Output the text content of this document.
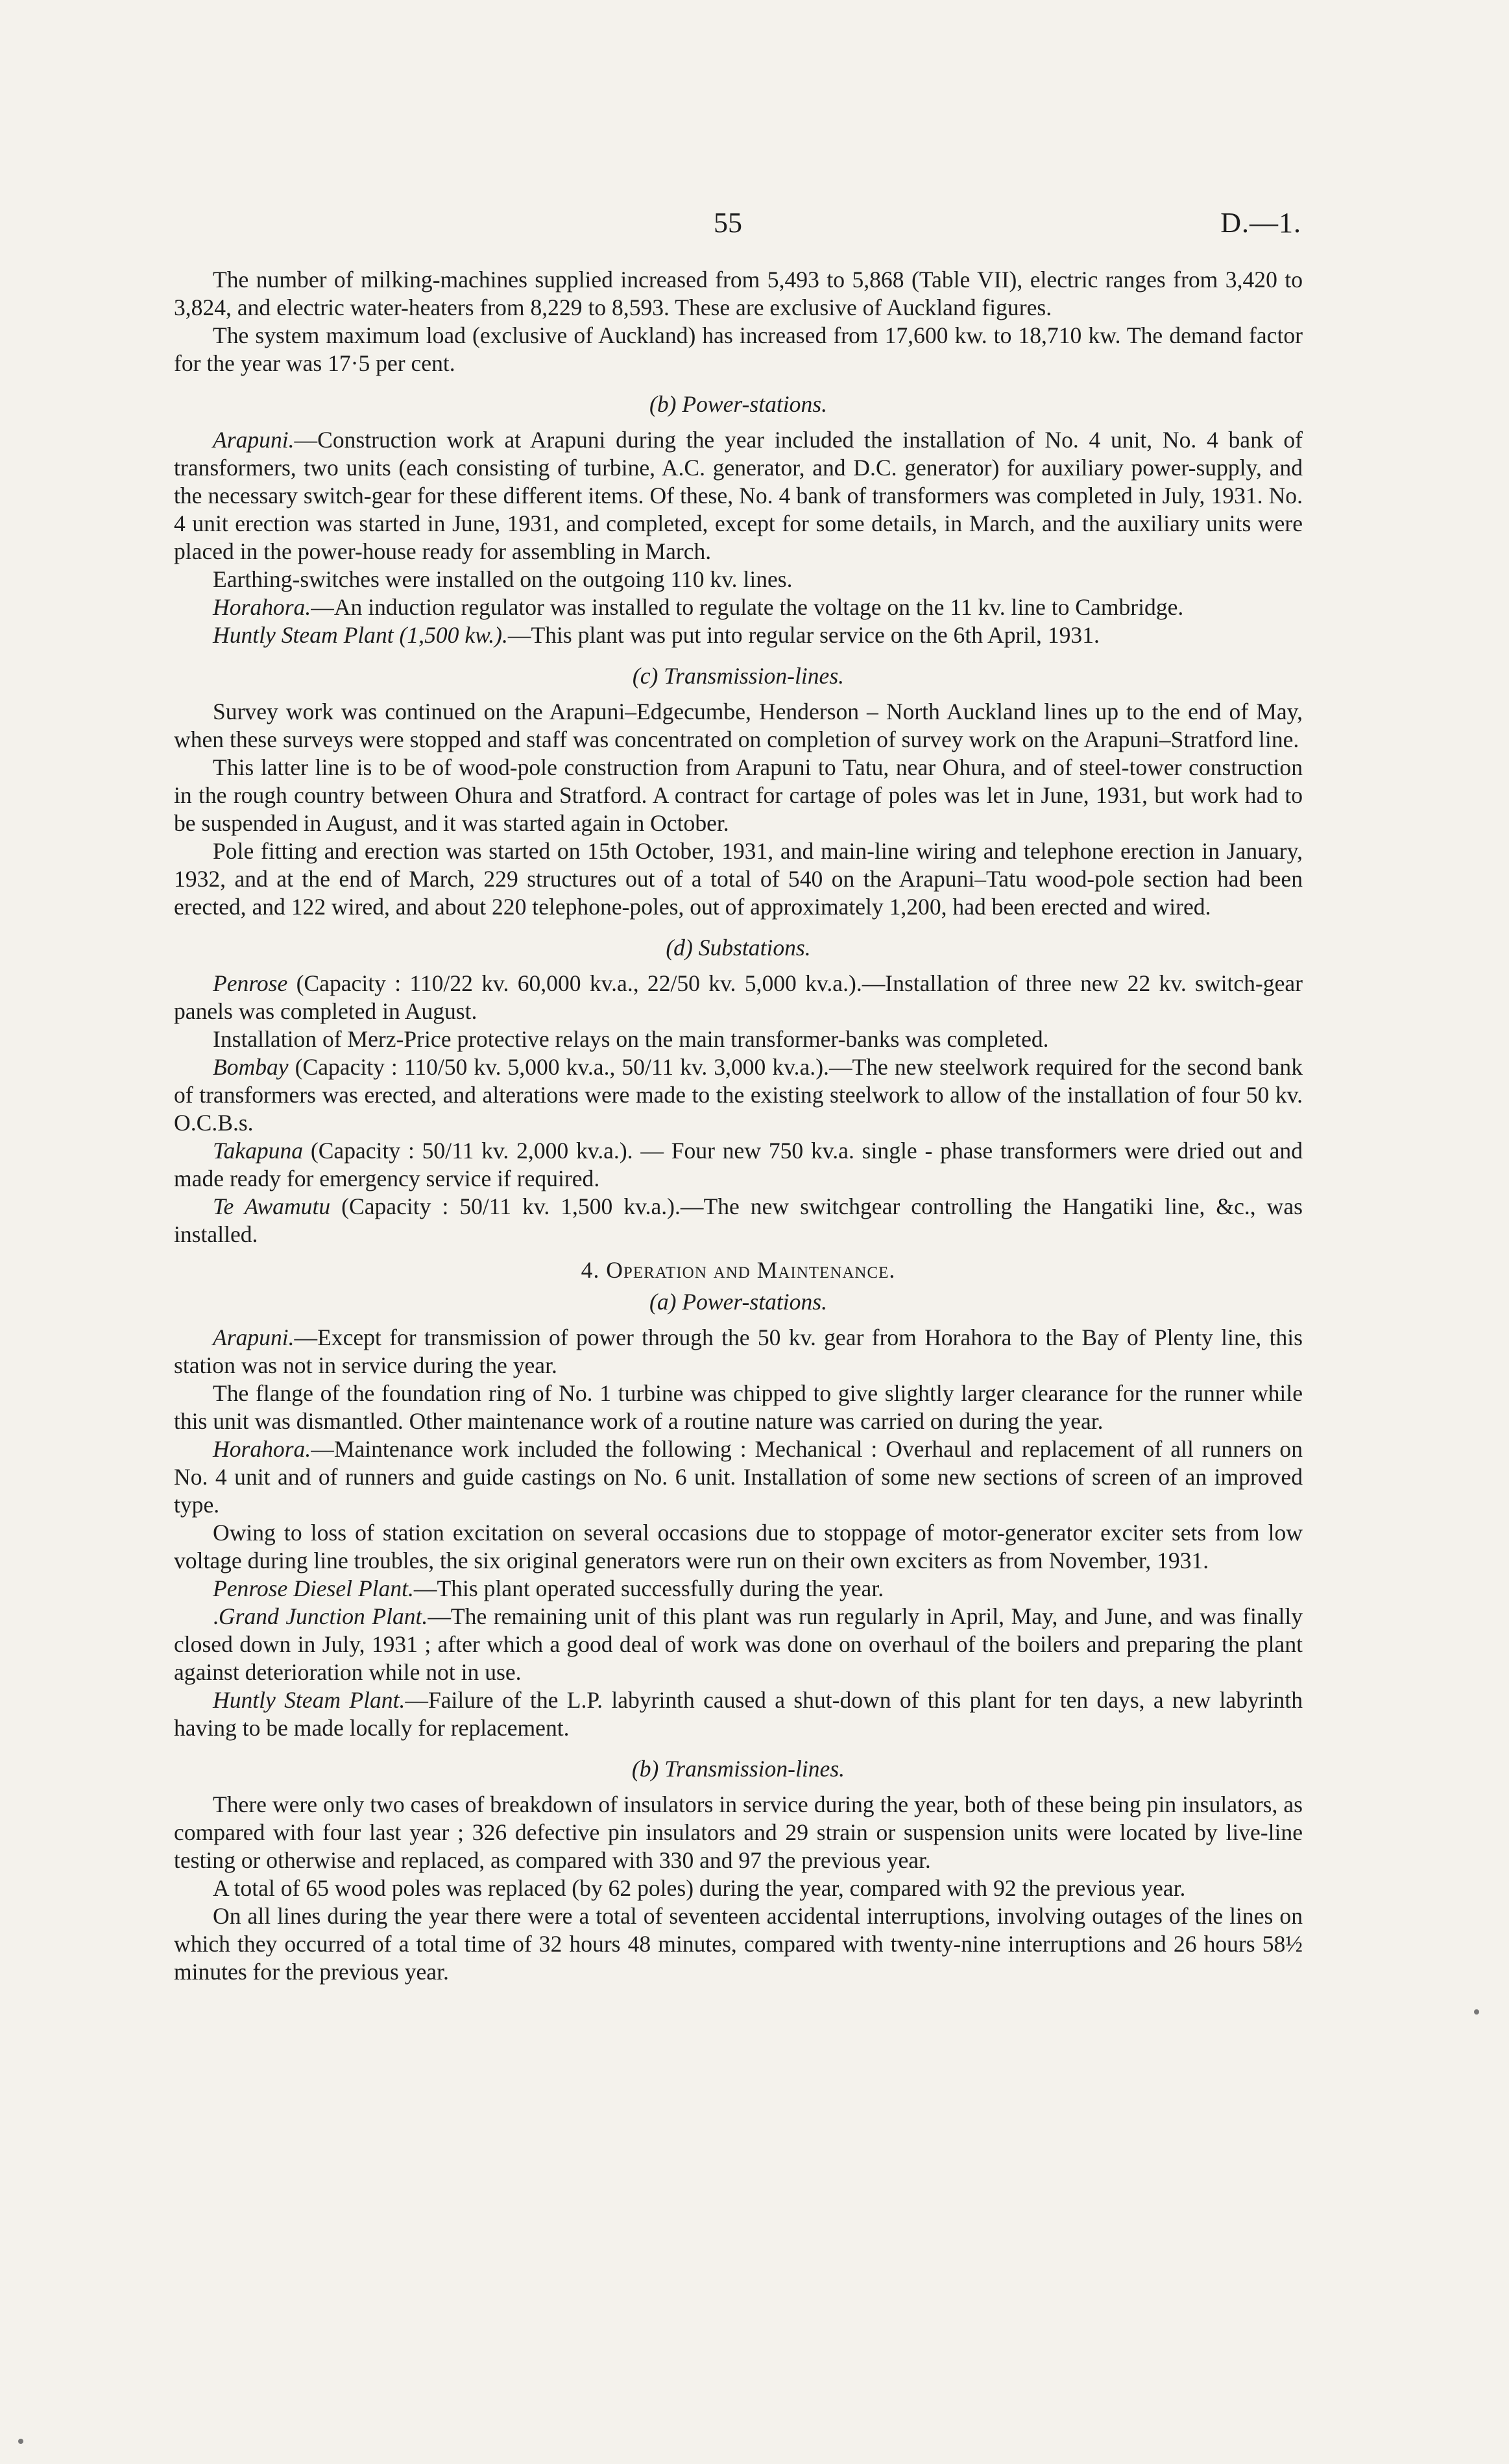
55	D.—1.

The number of milking-machines supplied increased from 5,493 to 5,868 (Table VII), electric ranges from 3,420 to 3,824, and electric water-heaters from 8,229 to 8,593. These are exclusive of Auckland figures.

The system maximum load (exclusive of Auckland) has increased from 17,600 kw. to 18,710 kw. The demand factor for the year was 17·5 per cent.

(b) Power-stations.

Arapuni.—Construction work at Arapuni during the year included the installation of No. 4 unit, No. 4 bank of transformers, two units (each consisting of turbine, A.C. generator, and D.C. generator) for auxiliary power-supply, and the necessary switch-gear for these different items. Of these, No. 4 bank of transformers was completed in July, 1931. No. 4 unit erection was started in June, 1931, and completed, except for some details, in March, and the auxiliary units were placed in the power-house ready for assembling in March.

Earthing-switches were installed on the outgoing 110 kv. lines.

Horahora.—An induction regulator was installed to regulate the voltage on the 11 kv. line to Cambridge.

Huntly Steam Plant (1,500 kw.).—This plant was put into regular service on the 6th April, 1931.

(c) Transmission-lines.

Survey work was continued on the Arapuni–Edgecumbe, Henderson – North Auckland lines up to the end of May, when these surveys were stopped and staff was concentrated on completion of survey work on the Arapuni–Stratford line.

This latter line is to be of wood-pole construction from Arapuni to Tatu, near Ohura, and of steel-tower construction in the rough country between Ohura and Stratford. A contract for cartage of poles was let in June, 1931, but work had to be suspended in August, and it was started again in October.

Pole fitting and erection was started on 15th October, 1931, and main-line wiring and telephone erection in January, 1932, and at the end of March, 229 structures out of a total of 540 on the Arapuni–Tatu wood-pole section had been erected, and 122 wired, and about 220 telephone-poles, out of approximately 1,200, had been erected and wired.

(d) Substations.

Penrose (Capacity : 110/22 kv. 60,000 kv.a., 22/50 kv. 5,000 kv.a.).—Installation of three new 22 kv. switch-gear panels was completed in August.

Installation of Merz-Price protective relays on the main transformer-banks was completed.

Bombay (Capacity : 110/50 kv. 5,000 kv.a., 50/11 kv. 3,000 kv.a.).—The new steelwork required for the second bank of transformers was erected, and alterations were made to the existing steelwork to allow of the installation of four 50 kv. O.C.B.s.

Takapuna (Capacity : 50/11 kv. 2,000 kv.a.). — Four new 750 kv.a. single - phase transformers were dried out and made ready for emergency service if required.

Te Awamutu (Capacity : 50/11 kv. 1,500 kv.a.).—The new switchgear controlling the Hangatiki line, &c., was installed.

4. Operation and Maintenance.
(a) Power-stations.

Arapuni.—Except for transmission of power through the 50 kv. gear from Horahora to the Bay of Plenty line, this station was not in service during the year.

The flange of the foundation ring of No. 1 turbine was chipped to give slightly larger clearance for the runner while this unit was dismantled. Other maintenance work of a routine nature was carried on during the year.

Horahora.—Maintenance work included the following : Mechanical : Overhaul and replacement of all runners on No. 4 unit and of runners and guide castings on No. 6 unit. Installation of some new sections of screen of an improved type.

Owing to loss of station excitation on several occasions due to stoppage of motor-generator exciter sets from low voltage during line troubles, the six original generators were run on their own exciters as from November, 1931.

Penrose Diesel Plant.—This plant operated successfully during the year.

.Grand Junction Plant.—The remaining unit of this plant was run regularly in April, May, and June, and was finally closed down in July, 1931 ; after which a good deal of work was done on overhaul of the boilers and preparing the plant against deterioration while not in use.

Huntly Steam Plant.—Failure of the L.P. labyrinth caused a shut-down of this plant for ten days, a new labyrinth having to be made locally for replacement.

(b) Transmission-lines.

There were only two cases of breakdown of insulators in service during the year, both of these being pin insulators, as compared with four last year ; 326 defective pin insulators and 29 strain or suspension units were located by live-line testing or otherwise and replaced, as compared with 330 and 97 the previous year.

A total of 65 wood poles was replaced (by 62 poles) during the year, compared with 92 the previous year.

On all lines during the year there were a total of seventeen accidental interruptions, involving outages of the lines on which they occurred of a total time of 32 hours 48 minutes, compared with twenty-nine interruptions and 26 hours 58½ minutes for the previous year.
